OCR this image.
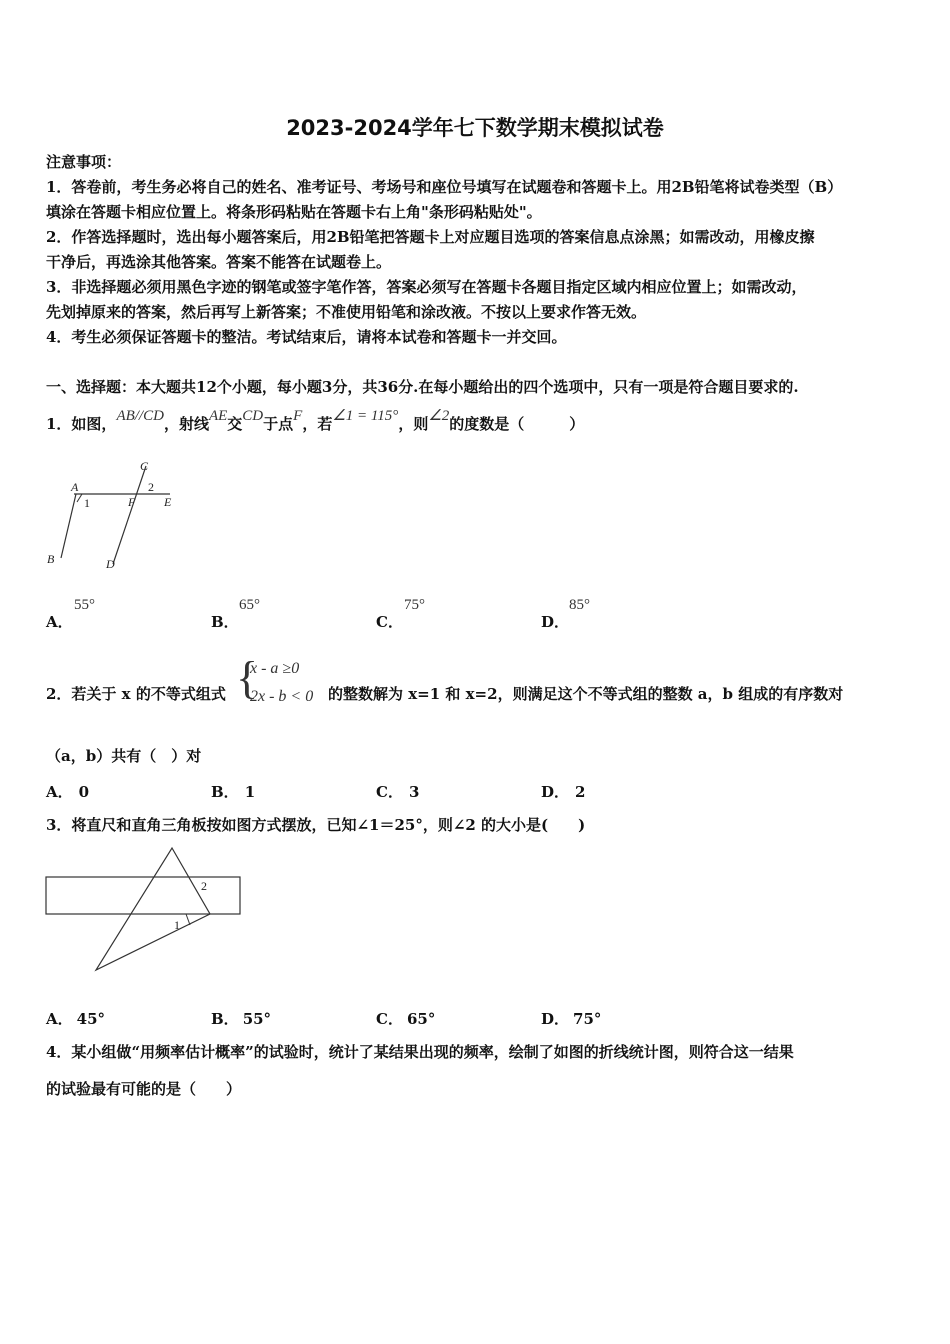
2023-2024学年七下数学期末模拟试卷
注意事项：
1．答卷前，考生务必将自己的姓名、准考证号、考场号和座位号填写在试题卷和答题卡上。用2B铅笔将试卷类型（B）
填涂在答题卡相应位置上。将条形码粘贴在答题卡右上角"条形码粘贴处"。
2．作答选择题时，选出每小题答案后，用2B铅笔把答题卡上对应题目选项的答案信息点涂黑；如需改动，用橡皮擦
干净后，再选涂其他答案。答案不能答在试题卷上。
3．非选择题必须用黑色字迹的钢笔或签字笔作答，答案必须写在答题卡各题目指定区域内相应位置上；如需改动，
先划掉原来的答案，然后再写上新答案；不准使用铅笔和涂改液。不按以上要求作答无效。
4．考生必须保证答题卡的整洁。考试结束后，请将本试卷和答题卡一并交回。
一、选择题：本大题共12个小题，每小题3分，共36分.在每小题给出的四个选项中，只有一项是符合题目要求的.
1．如图， AB//CD ，射线 AE 交 CD 于点 F ，若 ∠1 = 115° ，则 ∠2 的度数是（　　　）
A
1
C
2
F E
B	D
A．
55°
B．
65°
C．
75°
D．
85°
2．若关于 x 的不等式组式 {
x - a ≥0
2x - b < 0 的整数解为 x=1 和 x=2，则满足这个不等式组的整数 a，b 组成的有序数对
（a，b）共有（　）对
A． 0	B． 1	C． 3	D． 2
3．将直尺和直角三角板按如图方式摆放，已知∠1＝25°，则∠2 的大小是(　　)
2
1
A． 45°	B． 55°	C． 65°	D． 75°
4．某小组做“用频率估计概率”的试验时，统计了某结果出现的频率，绘制了如图的折线统计图，则符合这一结果
的试验最有可能的是（　　）
